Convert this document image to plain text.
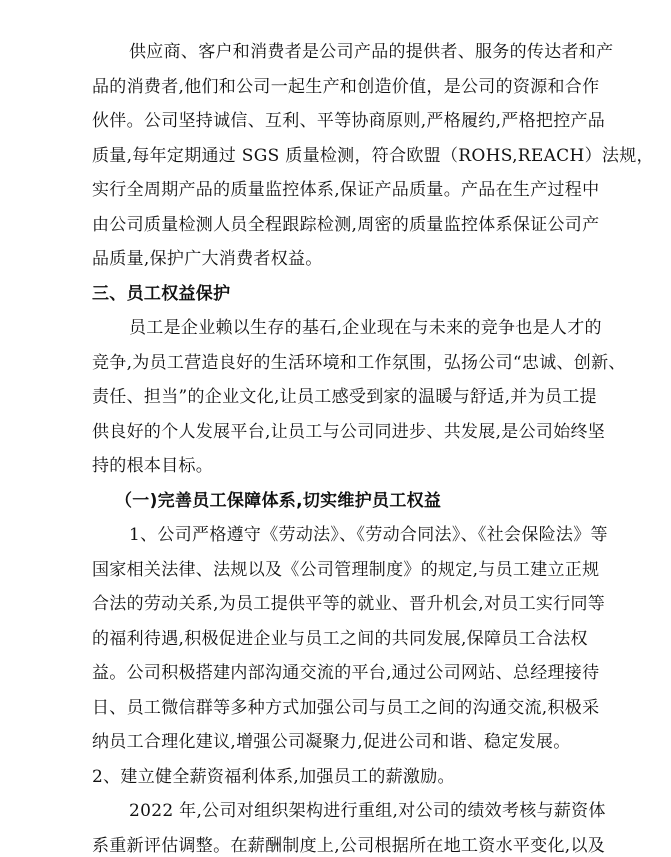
供应商、客户和消费者是公司产品的提供者、服务的传达者和产
品的消费者,他们和公司一起生产和创造价值，是公司的资源和合作
伙伴。公司坚持诚信、互利、平等协商原则,严格履约,严格把控产品
质量,每年定期通过 SGS 质量检测，符合欧盟（ROHS,REACH）法规，
实行全周期产品的质量监控体系,保证产品质量。产品在生产过程中
由公司质量检测人员全程跟踪检测,周密的质量监控体系保证公司产
品质量,保护广大消费者权益。
三、员工权益保护
员工是企业赖以生存的基石,企业现在与未来的竞争也是人才的
竞争,为员工营造良好的生活环境和工作氛围，弘扬公司“忠诚、创新、
责任、担当”的企业文化,让员工感受到家的温暖与舒适,并为员工提
供良好的个人发展平台,让员工与公司同进步、共发展,是公司始终坚
持的根本目标。
（一)完善员工保障体系,切实维护员工权益
1、公司严格遵守《劳动法》、《劳动合同法》、《社会保险法》等
国家相关法律、法规以及《公司管理制度》的规定,与员工建立正规
合法的劳动关系,为员工提供平等的就业、晋升机会,对员工实行同等
的福利待遇,积极促进企业与员工之间的共同发展,保障员工合法权
益。公司积极搭建内部沟通交流的平台,通过公司网站、总经理接待
日、员工微信群等多种方式加强公司与员工之间的沟通交流,积极采
纳员工合理化建议,增强公司凝聚力,促进公司和谐、稳定发展。
2、建立健全薪资福利体系,加强员工的薪激励。
2022 年,公司对组织架构进行重组,对公司的绩效考核与薪资体
系重新评估调整。在薪酬制度上,公司根据所在地工资水平变化,以及
